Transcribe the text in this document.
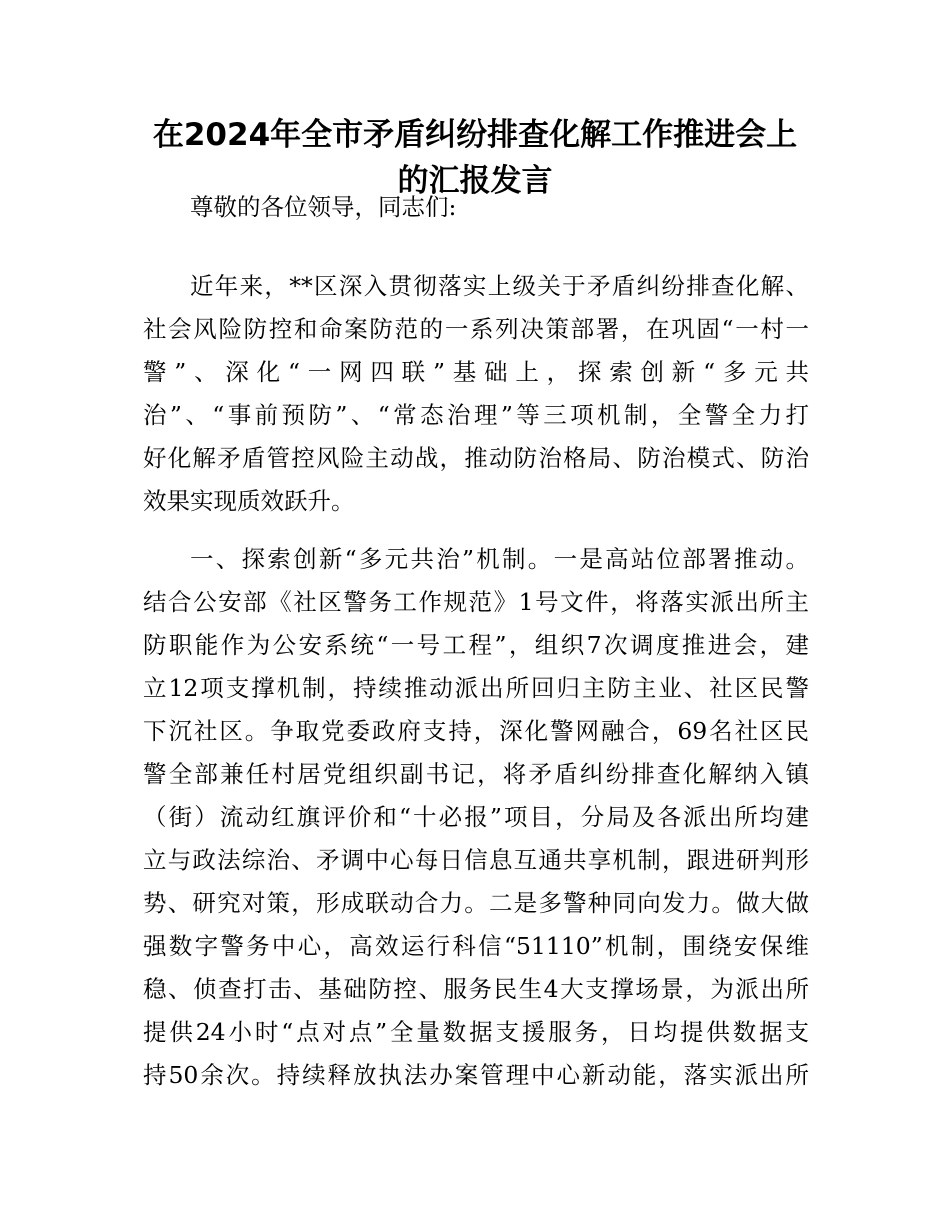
在2024年全市矛盾纠纷排查化解工作推进会上
的汇报发言
尊敬的各位领导，同志们:
近年来，**区深入贯彻落实上级关于矛盾纠纷排查化解、
社会风险防控和命案防范的一系列决策部署，在巩固“一村一
警”、深化“一网四联”基础上，探索创新“多元共
治”、“事前预防”、“常态治理”等三项机制，全警全力打
好化解矛盾管控风险主动战，推动防治格局、防治模式、防治
效果实现质效跃升。
一、探索创新“多元共治”机制。一是高站位部署推动。
结合公安部《社区警务工作规范》1号文件，将落实派出所主
防职能作为公安系统“一号工程”，组织7次调度推进会，建
立12项支撑机制，持续推动派出所回归主防主业、社区民警
下沉社区。争取党委政府支持，深化警网融合，69名社区民
警全部兼任村居党组织副书记，将矛盾纠纷排查化解纳入镇
（街）流动红旗评价和“十必报”项目，分局及各派出所均建
立与政法综治、矛调中心每日信息互通共享机制，跟进研判形
势、研究对策，形成联动合力。二是多警种同向发力。做大做
强数字警务中心，高效运行科信“51110”机制，围绕安保维
稳、侦查打击、基础防控、服务民生4大支撑场景，为派出所
提供24小时“点对点”全量数据支援服务，日均提供数据支
持50余次。持续释放执法办案管理中心新动能，落实派出所
